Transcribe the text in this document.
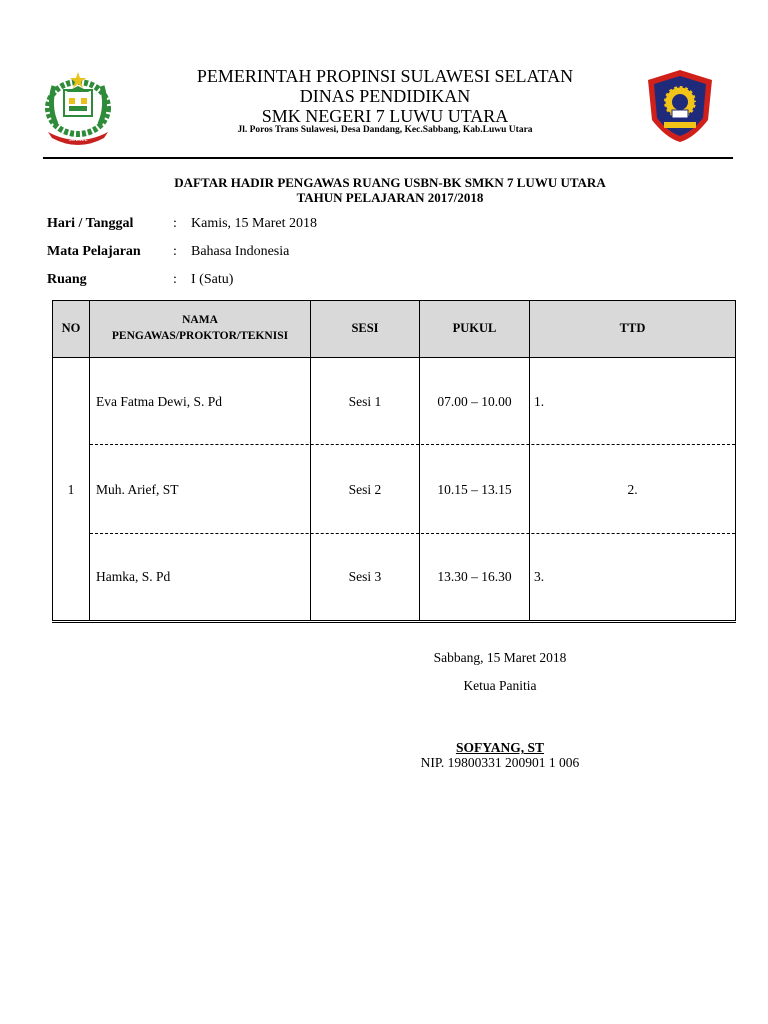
SULSEL
PEMERINTAH PROPINSI SULAWESI SELATAN
DINAS PENDIDIKAN
SMK NEGERI 7 LUWU UTARA
Jl. Poros Trans Sulawesi, Desa Dandang, Kec.Sabbang, Kab.Luwu Utara
DAFTAR HADIR PENGAWAS RUANG USBN-BK SMKN 7 LUWU UTARA
TAHUN PELAJARAN 2017/2018
Hari / Tanggal	: Kamis, 15 Maret 2018
Mata Pelajaran : Bahasa Indonesia
Ruang	: I (Satu)
NO
NAMA
PENGAWAS/PROKTOR/TEKNISI
SESI	PUKUL	TTD
1
Eva Fatma Dewi, S. Pd	Sesi 1	07.00 – 10.00	1.
Muh. Arief, ST	Sesi 2	10.15 – 13.15	2.
Hamka, S. Pd	Sesi 3	13.30 – 16.30	3.
Sabbang, 15 Maret 2018
Ketua Panitia
SOFYANG, ST
NIP. 19800331 200901 1 006
